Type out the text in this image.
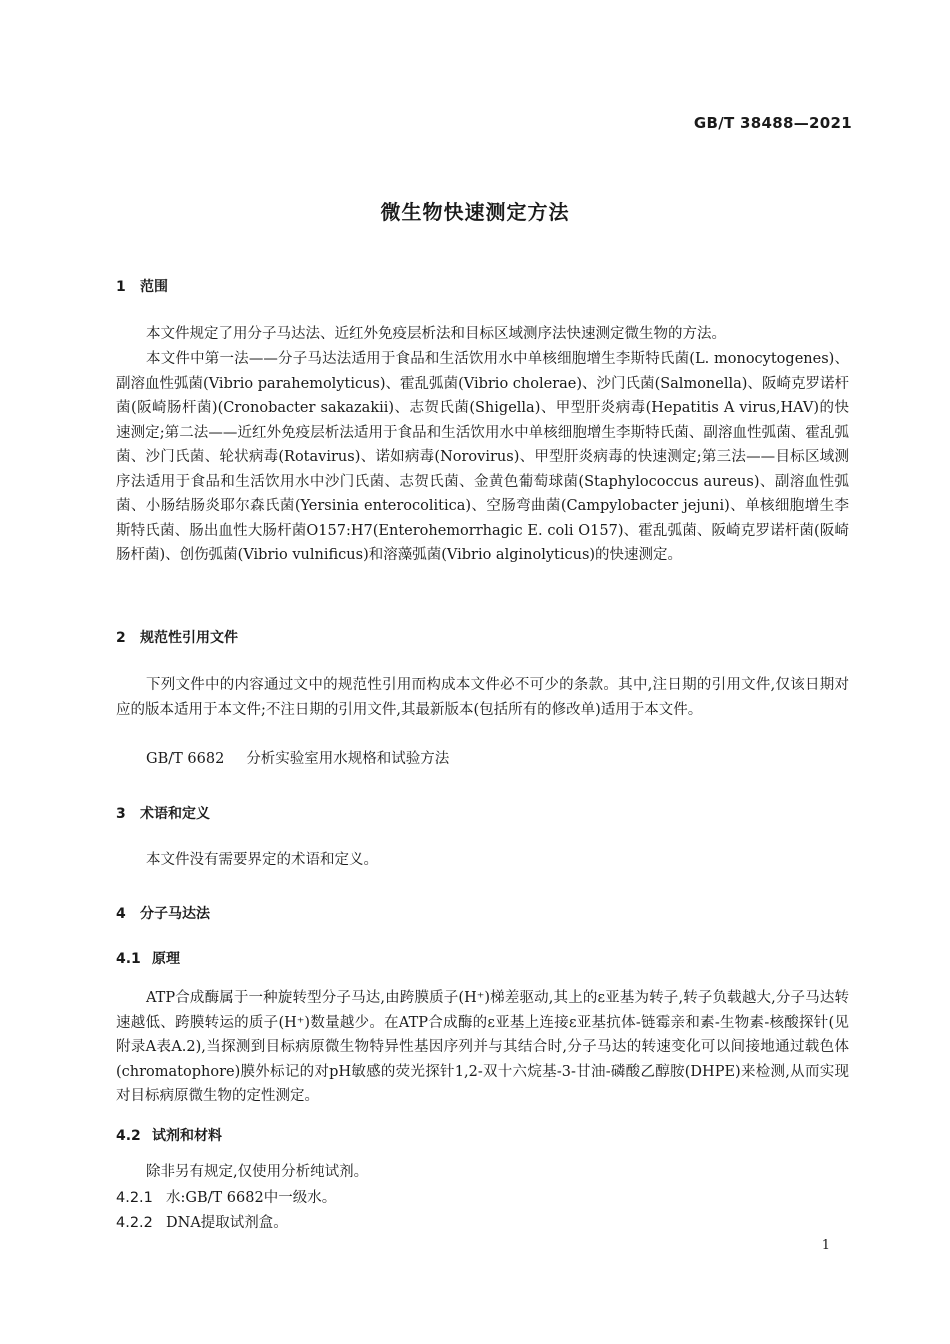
GB/T 38488—2021
微生物快速测定方法
1 范围
本文件规定了用分子马达法、近红外免疫层析法和目标区域测序法快速测定微生物的方法。
本文件中第一法——分子马达法适用于食品和生活饮用水中单核细胞增生李斯特氏菌(L. monocytogenes)、副溶血性弧菌(Vibrio parahemolyticus)、霍乱弧菌(Vibrio cholerae)、沙门氏菌(Salmonella)、阪崎克罗诺杆菌(阪崎肠杆菌)(Cronobacter sakazakii)、志贺氏菌(Shigella)、甲型肝炎病毒(Hepatitis A virus,HAV)的快速测定;第二法——近红外免疫层析法适用于食品和生活饮用水中单核细胞增生李斯特氏菌、副溶血性弧菌、霍乱弧菌、沙门氏菌、轮状病毒(Rotavirus)、诺如病毒(Norovirus)、甲型肝炎病毒的快速测定;第三法——目标区域测序法适用于食品和生活饮用水中沙门氏菌、志贺氏菌、金黄色葡萄球菌(Staphylococcus aureus)、副溶血性弧菌、小肠结肠炎耶尔森氏菌(Yersinia enterocolitica)、空肠弯曲菌(Campylobacter jejuni)、单核细胞增生李斯特氏菌、肠出血性大肠杆菌O157:H7(Enterohemorrhagic E. coli O157)、霍乱弧菌、阪崎克罗诺杆菌(阪崎肠杆菌)、创伤弧菌(Vibrio vulnificus)和溶藻弧菌(Vibrio alginolyticus)的快速测定。
2 规范性引用文件
下列文件中的内容通过文中的规范性引用而构成本文件必不可少的条款。其中,注日期的引用文件,仅该日期对应的版本适用于本文件;不注日期的引用文件,其最新版本(包括所有的修改单)适用于本文件。
GB/T 6682 分析实验室用水规格和试验方法
3 术语和定义
本文件没有需要界定的术语和定义。
4 分子马达法
4.1 原理
ATP合成酶属于一种旋转型分子马达,由跨膜质子(H⁺)梯差驱动,其上的ε亚基为转子,转子负载越大,分子马达转速越低、跨膜转运的质子(H⁺)数量越少。在ATP合成酶的ε亚基上连接ε亚基抗体-链霉亲和素-生物素-核酸探针(见附录A表A.2),当探测到目标病原微生物特异性基因序列并与其结合时,分子马达的转速变化可以间接地通过载色体(chromatophore)膜外标记的对pH敏感的荧光探针1,2-双十六烷基-3-甘油-磷酸乙醇胺(DHPE)来检测,从而实现对目标病原微生物的定性测定。
4.2 试剂和材料
除非另有规定,仅使用分析纯试剂。
4.2.1 水:GB/T 6682中一级水。
4.2.2 DNA提取试剂盒。
1
